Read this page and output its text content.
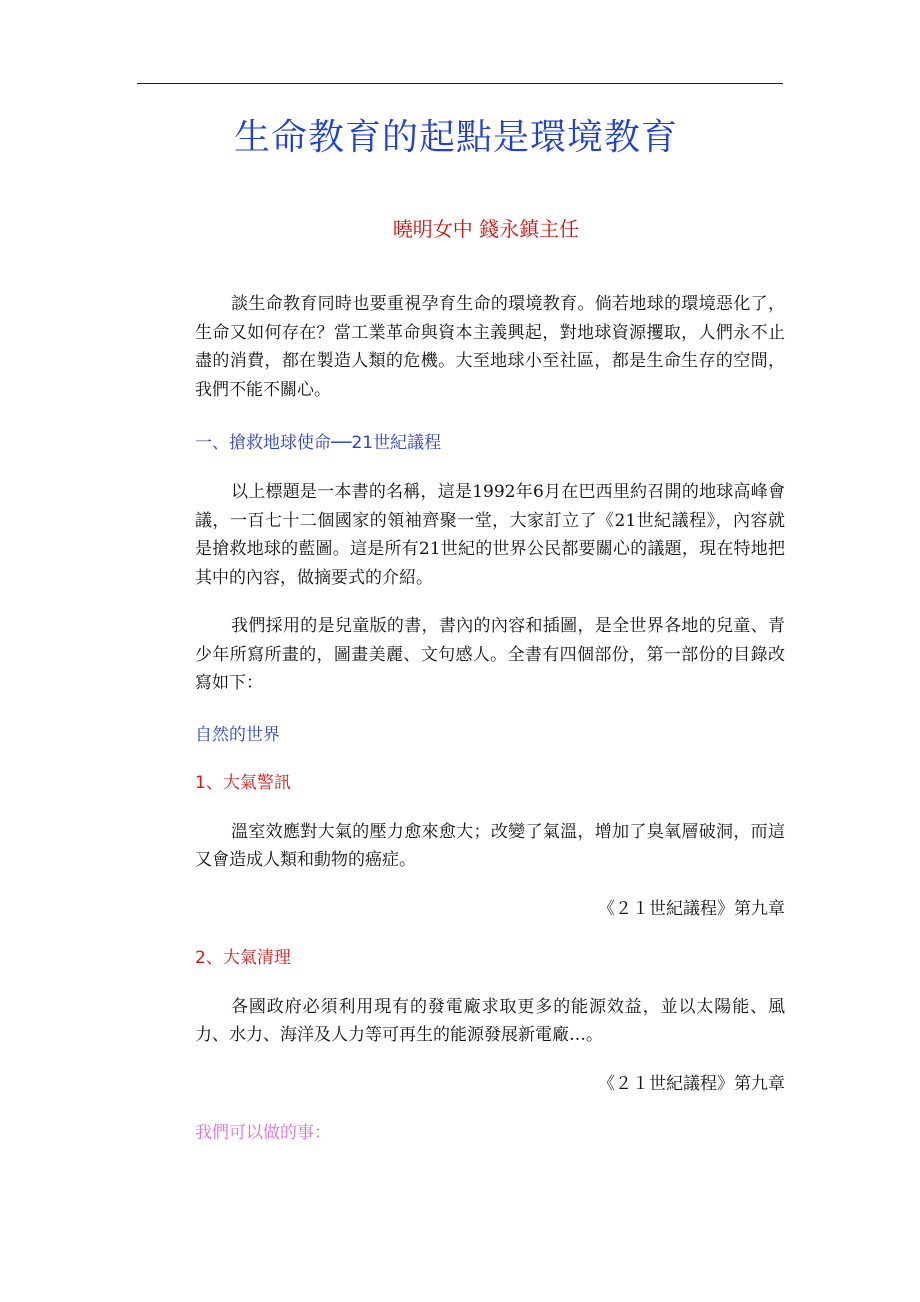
生命教育的起點是環境教育
曉明女中 錢永鎮主任

談生命教育同時也要重視孕育生命的環境教育。倘若地球的環境惡化了，生命又如何存在？當工業革命與資本主義興起，對地球資源攫取，人們永不止盡的消費，都在製造人類的危機。大至地球小至社區，都是生命生存的空間，我們不能不關心。

一、搶救地球使命──21世紀議程

以上標題是一本書的名稱，這是1992年6月在巴西里約召開的地球高峰會議，一百七十二個國家的領袖齊聚一堂，大家訂立了《21世紀議程》，內容就是搶救地球的藍圖。這是所有21世紀的世界公民都要關心的議題，現在特地把其中的內容，做摘要式的介紹。

我們採用的是兒童版的書，書內的內容和插圖，是全世界各地的兒童、青少年所寫所畫的，圖畫美麗、文句感人。全書有四個部份，第一部份的目錄改寫如下：

自然的世界

1、大氣警訊

溫室效應對大氣的壓力愈來愈大；改變了氣溫，增加了臭氧層破洞，而這又會造成人類和動物的癌症。

《２１世紀議程》第九章

2、大氣清理

各國政府必須利用現有的發電廠求取更多的能源效益，並以太陽能、風力、水力、海洋及人力等可再生的能源發展新電廠…。

《２１世紀議程》第九章

我們可以做的事：
